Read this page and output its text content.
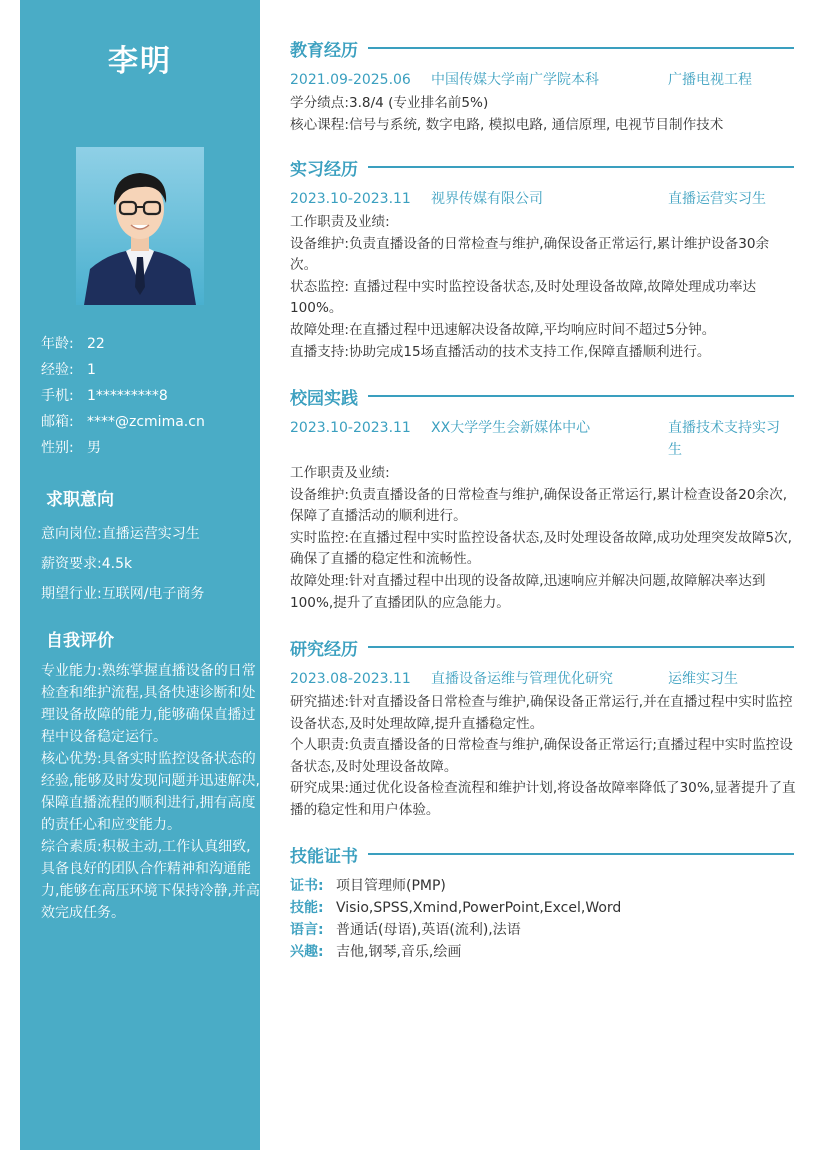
李明
年龄: 22
经验: 1
手机: 1*********8
邮箱: ****@zcmima.cn
性别: 男
求职意向
意向岗位:直播运营实习生
薪资要求:4.5k
期望行业:互联网/电子商务
自我评价

专业能力:熟练掌握直播设备的日常检查和维护流程,具备快速诊断和处理设备故障的能力,能够确保直播过程中设备稳定运行。

核心优势:具备实时监控设备状态的经验,能够及时发现问题并迅速解决,保障直播流程的顺利进行,拥有高度的责任心和应变能力。

综合素质:积极主动,工作认真细致,具备良好的团队合作精神和沟通能力,能够在高压环境下保持冷静,并高效完成任务。

教育经历
2021.09-2025.06 中国传媒大学南广学院本科	广播电视工程

学分绩点:3.8/4 (专业排名前5%)

核心课程:信号与系统, 数字电路, 模拟电路, 通信原理, 电视节目制作技术

实习经历
2023.10-2023.11 视界传媒有限公司	直播运营实习生

工作职责及业绩:

设备维护:负责直播设备的日常检查与维护,确保设备正常运行,累计维护设备30余次。

状态监控: 直播过程中实时监控设备状态,及时处理设备故障,故障处理成功率达100%。

故障处理:在直播过程中迅速解决设备故障,平均响应时间不超过5分钟。

直播支持:协助完成15场直播活动的技术支持工作,保障直播顺利进行。

校园实践
2023.10-2023.11 XX大学学生会新媒体中心	直播技术支持实习生

工作职责及业绩:

设备维护:负责直播设备的日常检查与维护,确保设备正常运行,累计检查设备20余次,保障了直播活动的顺利进行。

实时监控:在直播过程中实时监控设备状态,及时处理设备故障,成功处理突发故障5次,确保了直播的稳定性和流畅性。

故障处理:针对直播过程中出现的设备故障,迅速响应并解决问题,故障解决率达到100%,提升了直播团队的应急能力。

研究经历
2023.08-2023.11 直播设备运维与管理优化研究	运维实习生

研究描述:针对直播设备日常检查与维护,确保设备正常运行,并在直播过程中实时监控设备状态,及时处理故障,提升直播稳定性。

个人职责:负责直播设备的日常检查与维护,确保设备正常运行;直播过程中实时监控设备状态,及时处理设备故障。

研究成果:通过优化设备检查流程和维护计划,将设备故障率降低了30%,显著提升了直播的稳定性和用户体验。

技能证书
证书: 项目管理师(PMP)
技能: Visio,SPSS,Xmind,PowerPoint,Excel,Word
语言: 普通话(母语),英语(流利),法语
兴趣: 吉他,钢琴,音乐,绘画
